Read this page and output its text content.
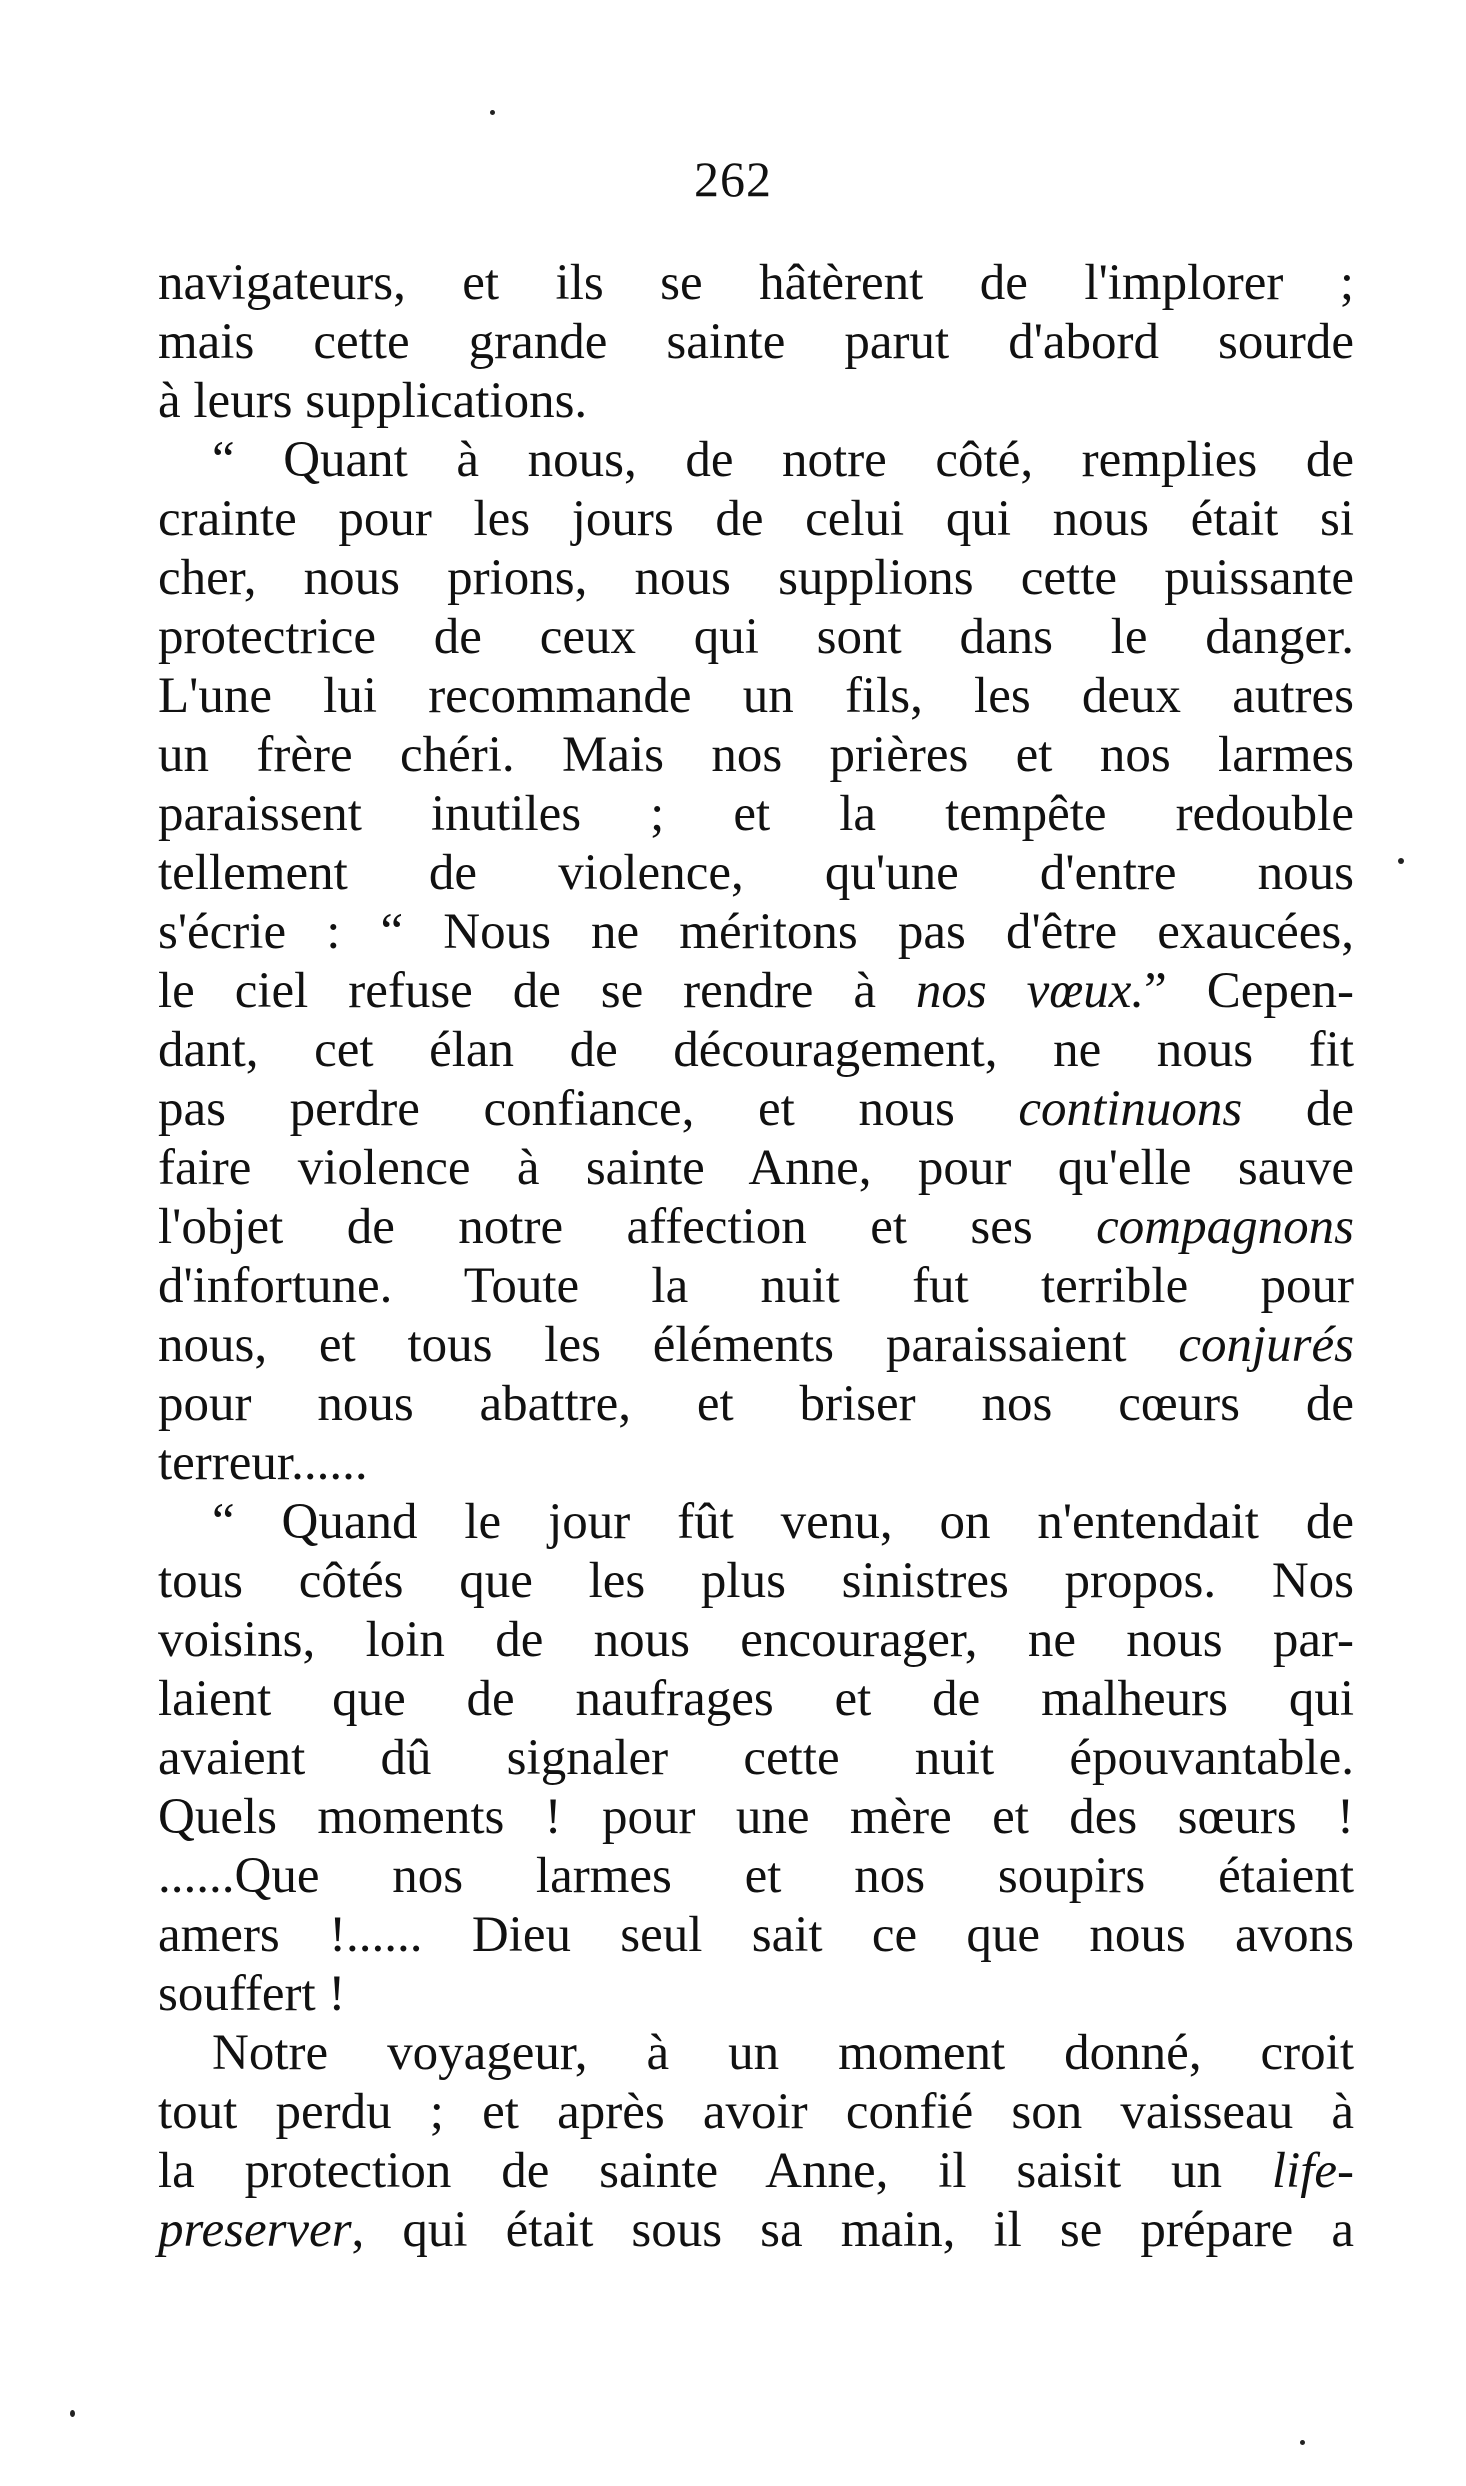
262
navigateurs, et ils se hâtèrent de l'implorer ;
mais cette grande sainte parut d'abord sourde
à leurs supplications.
“ Quant à nous, de notre côté, remplies de
crainte pour les jours de celui qui nous était si
cher, nous prions, nous supplions cette puissante
protectrice de ceux qui sont dans le danger.
L'une lui recommande un fils, les deux autres
un frère chéri. Mais nos prières et nos larmes
paraissent inutiles ; et la tempête redouble
tellement de violence, qu'une d'entre nous
s'écrie : “ Nous ne méritons pas d'être exaucées,
le ciel refuse de se rendre à nos vœux.” Cepen-
dant, cet élan de découragement, ne nous fit
pas perdre confiance, et nous continuons de
faire violence à sainte Anne, pour qu'elle sauve
l'objet de notre affection et ses compagnons
d'infortune. Toute la nuit fut terrible pour
nous, et tous les éléments paraissaient conjurés
pour nous abattre, et briser nos cœurs de
terreur......
“ Quand le jour fût venu, on n'entendait de
tous côtés que les plus sinistres propos. Nos
voisins, loin de nous encourager, ne nous par-
laient que de naufrages et de malheurs qui
avaient dû signaler cette nuit épouvantable.
Quels moments ! pour une mère et des sœurs !
......Que nos larmes et nos soupirs étaient
amers !...... Dieu seul sait ce que nous avons
souffert !
Notre voyageur, à un moment donné, croit
tout perdu ; et après avoir confié son vaisseau à
la protection de sainte Anne, il saisit un life-
preserver, qui était sous sa main, il se prépare a
